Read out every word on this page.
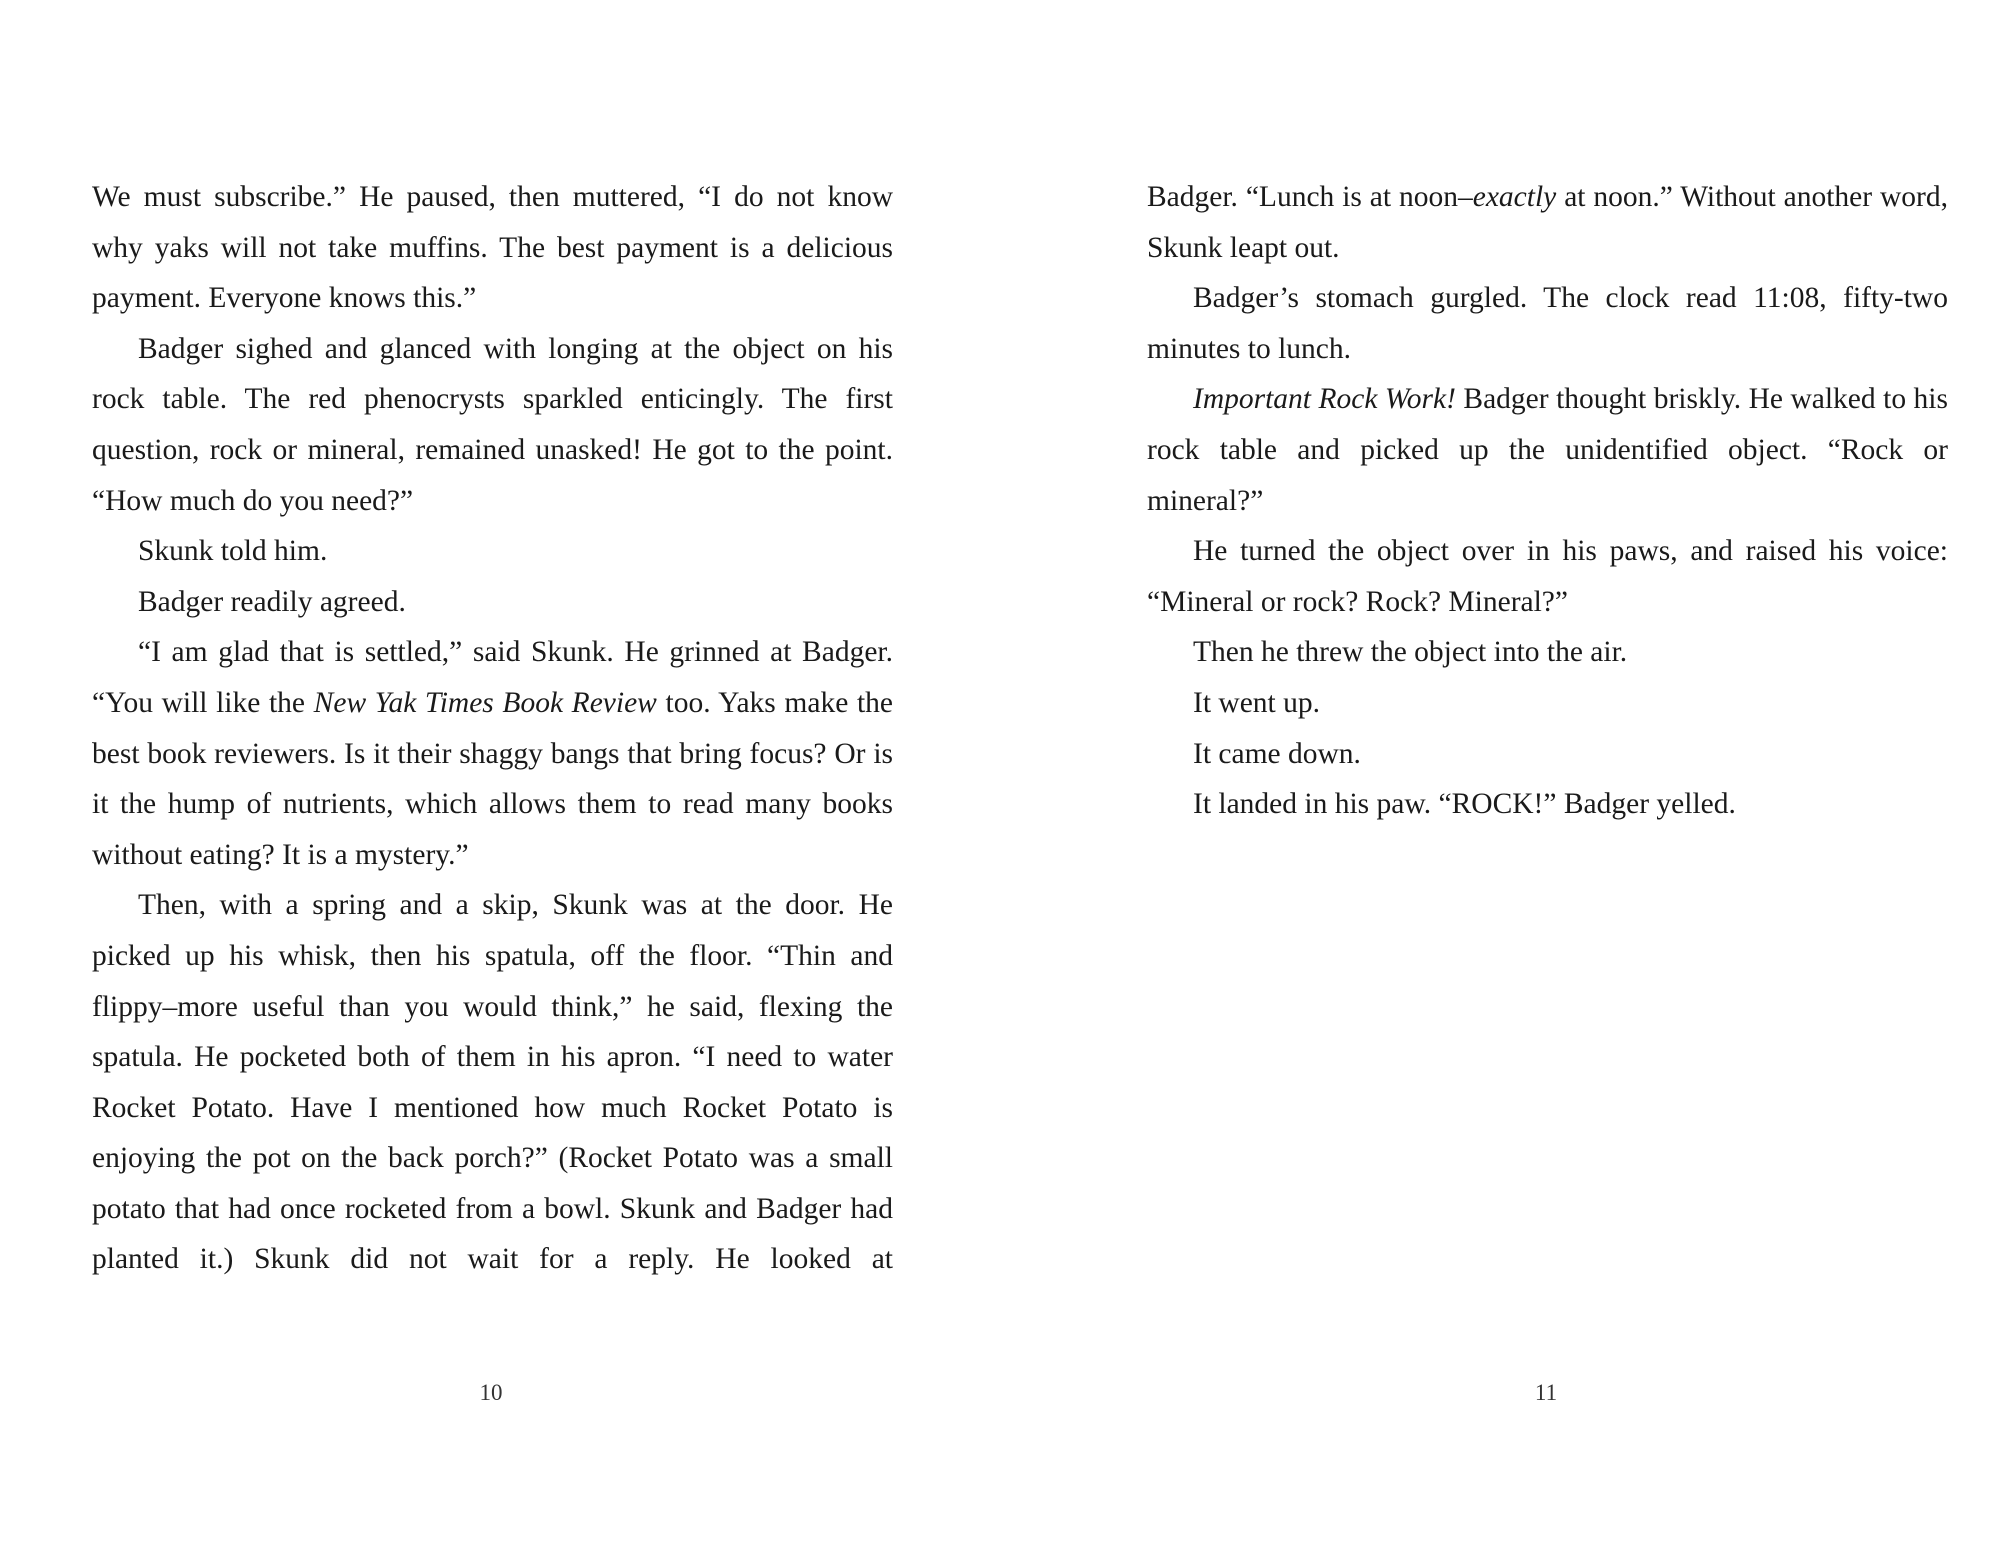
We must subscribe.” He paused, then muttered, “I do not know why yaks will not take muffins. The best payment is a delicious payment. Everyone knows this.”

Badger sighed and glanced with longing at the object on his rock table. The red phenocrysts sparkled enticingly. The first question, rock or mineral, remained unasked! He got to the point. “How much do you need?”

Skunk told him.

Badger readily agreed.

“I am glad that is settled,” said Skunk. He grinned at Badger. “You will like the New Yak Times Book Review too. Yaks make the best book reviewers. Is it their shaggy bangs that bring focus? Or is it the hump of nutrients, which allows them to read many books without eating? It is a mystery.”

Then, with a spring and a skip, Skunk was at the door. He picked up his whisk, then his spatula, off the floor. “Thin and flippy–more useful than you would think,” he said, flexing the spatula. He pocketed both of them in his apron. “I need to water Rocket Potato. Have I mentioned how much Rocket Potato is enjoying the pot on the back porch?” (Rocket Potato was a small potato that had once rocketed from a bowl. Skunk and Badger had planted it.) Skunk did not wait for a reply. He looked at

10

Badger. “Lunch is at noon–exactly at noon.” Without another word, Skunk leapt out.

Badger’s stomach gurgled. The clock read 11:08, fifty-two minutes to lunch.

Important Rock Work! Badger thought briskly. He walked to his rock table and picked up the unidentified object. “Rock or mineral?”

He turned the object over in his paws, and raised his voice: “Mineral or rock? Rock? Mineral?”

Then he threw the object into the air.

It went up.

It came down.

It landed in his paw. “ROCK!” Badger yelled.

11
